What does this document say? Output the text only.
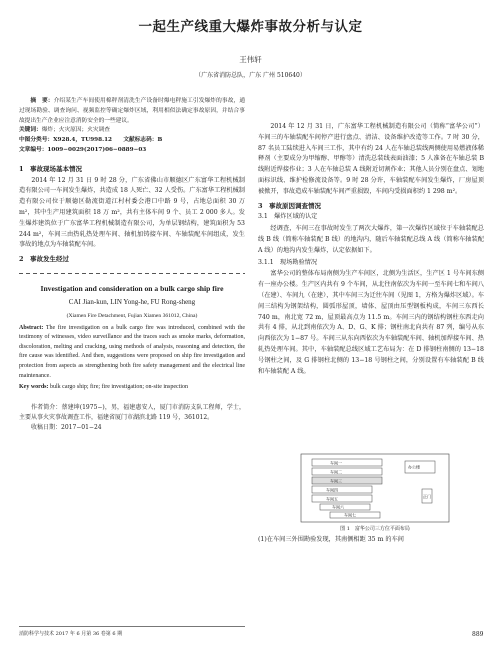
一起生产线重大爆炸事故分析与认定
王伟轩
（广东省消防总队，广东 广州 510640）

摘　要：介绍某生产车间使用棉秤剂清洗生产设备时爆电秤施工引发爆炸的事故，通过现场勘验、调查询问、视频监控等确定爆炸区域，利用相似法确定事故原因，并结合事故提出生产企业应注意消防安全的一些建议。

关键词：爆炸；火灾原因；火灾调查

中图分类号：X928.4，TU998.12　　文献标志码：B

文章编号：1009−0029(2017)06−0889−03

1　事故现场基本情况

2014 年 12 月 31 日 9 时 28 分，广东省佛山市顺德区广东富华工程机械制造有限公司一车间发生爆炸，共造成 18 人死亡、32 人受伤。广东富华工程机械制造有限公司位于顺德区勒流街道江村村委会港口中路 9 号，占地总面积 30 万 m²，其中生产用建筑面积 18 万 m²，共有主体车间 9 个、员工 2 000 多人。发生爆炸建筑位于广东富华工程机械制造有限公司，为单层钢结构，建筑面积为 53 244 m²，车间三由热轧热处理车间、轴机加铸接车间、车轴装配车间组成，发生事故的地点为车轴装配车间。

2　事故发生经过

Investigation and consideration on a bulk cargo ship fire
CAI Jian-kun, LIN Yong-he, FU Rong-sheng
(Xiamen Fire Detachment, Fujian Xiamen 361012, China)
Abstract: The fire investigation on a bulk cargo fire was introduced, combined with the testimony of witnesses, video surveillance and the traces such as smoke marks, deformation, discoloration, melting and cracking, using methods of analysis, reasoning and detection, the fire cause was identified. And then, suggestions were proposed on ship fire investigation and protection from aspects as strengthening both fire safety management and the electrical line maintenance.
Key words: bulk cargo ship; fire; fire investigation; on-site inspection

作者简介：蔡建坤(1975−)，男，福建惠安人，厦门市消防支队工程师，学士，主要从事火灾事故调查工作，福建省厦门市湖滨北路 119 号，361012。

收稿日期：2017−01−24

2014 年 12 月 31 日，广东富华工程机械制造有限公司（简称“富华公司”）车间三的车轴装配车间停产进行盘点、清洁、设备维护改造等工作。7 时 30 分，87 名员工陆续进入车间三工作，其中有约 24 人在车轴总装线两侧使用易燃液体稀释剂（主要成分为甲缩醇、甲醇等）清洗总装线表面油漆；5 人准备在车轴总装 B 线附近焊接作业；3 人在车轴总装 A 线附近切割作业；其他人员分别在盘点、划地面标识线、维护检修流设备等。9 时 28 分许，车轴装配车间发生爆炸，厂房屋顶被掀开，事故造成车轴装配车间严重损毁，车间内受损面积约 1 298 m²。

3　事故原因调查情况

3.1　爆炸区域的认定

经调查，车间三在事故时发生了两次大爆炸，第一次爆炸区域位于车轴装配总线 B 线（简称车轴装配 B 线）的地沟内，随后车轴装配总线 A 线（简称车轴装配 A 线）的地沟内发生爆炸，认定依据如下。

3.1.1　现场勘验情况

富华公司的整体布局南侧为生产车间区，北侧为生活区，生产区 1 号车间东侧有一座办公楼。生产区内共有 9 个车间，从北往南依次为车间一至车间七和车间八（在建）、车间九（在建），其中车间三为迁往车间（见图 1，方格为爆炸区域）。车间三结构为钢架结构，圆弧形屋顶，墙体、屋顶由压型钢板构成，车间三东西长 740 m，南北宽 72 m，屋顶最高点为 11.5 m。车间三内的钢结构钢柱东西走向共有 4 排，从北到南依次为 A、D、G、K 排；钢柱南北向共有 87 列，编号从东向西依次为 1−87 号。车间三从东向西依次为车轴装配车间、轴机加焊接车间、热轧热处理车间。其中，车轴装配总线区域工艺布局为：在 D 排钢柱南侧的 13−18 号钢柱之间，及 G 排钢柱北侧的 13−18 号钢柱之间，分别设置有车轴装配 B 线和车轴装配 A 线。

车间一
车间二
车间三
车间四
车间五
车间六
车间七
办公楼
正门
图 1　富华公司三方位平面布局
(1)在车间三外围勘验发现，其南侧相距 35 m 的车间
消防科学与技术 2017 年 6 月第 36 卷第 6 期	889
